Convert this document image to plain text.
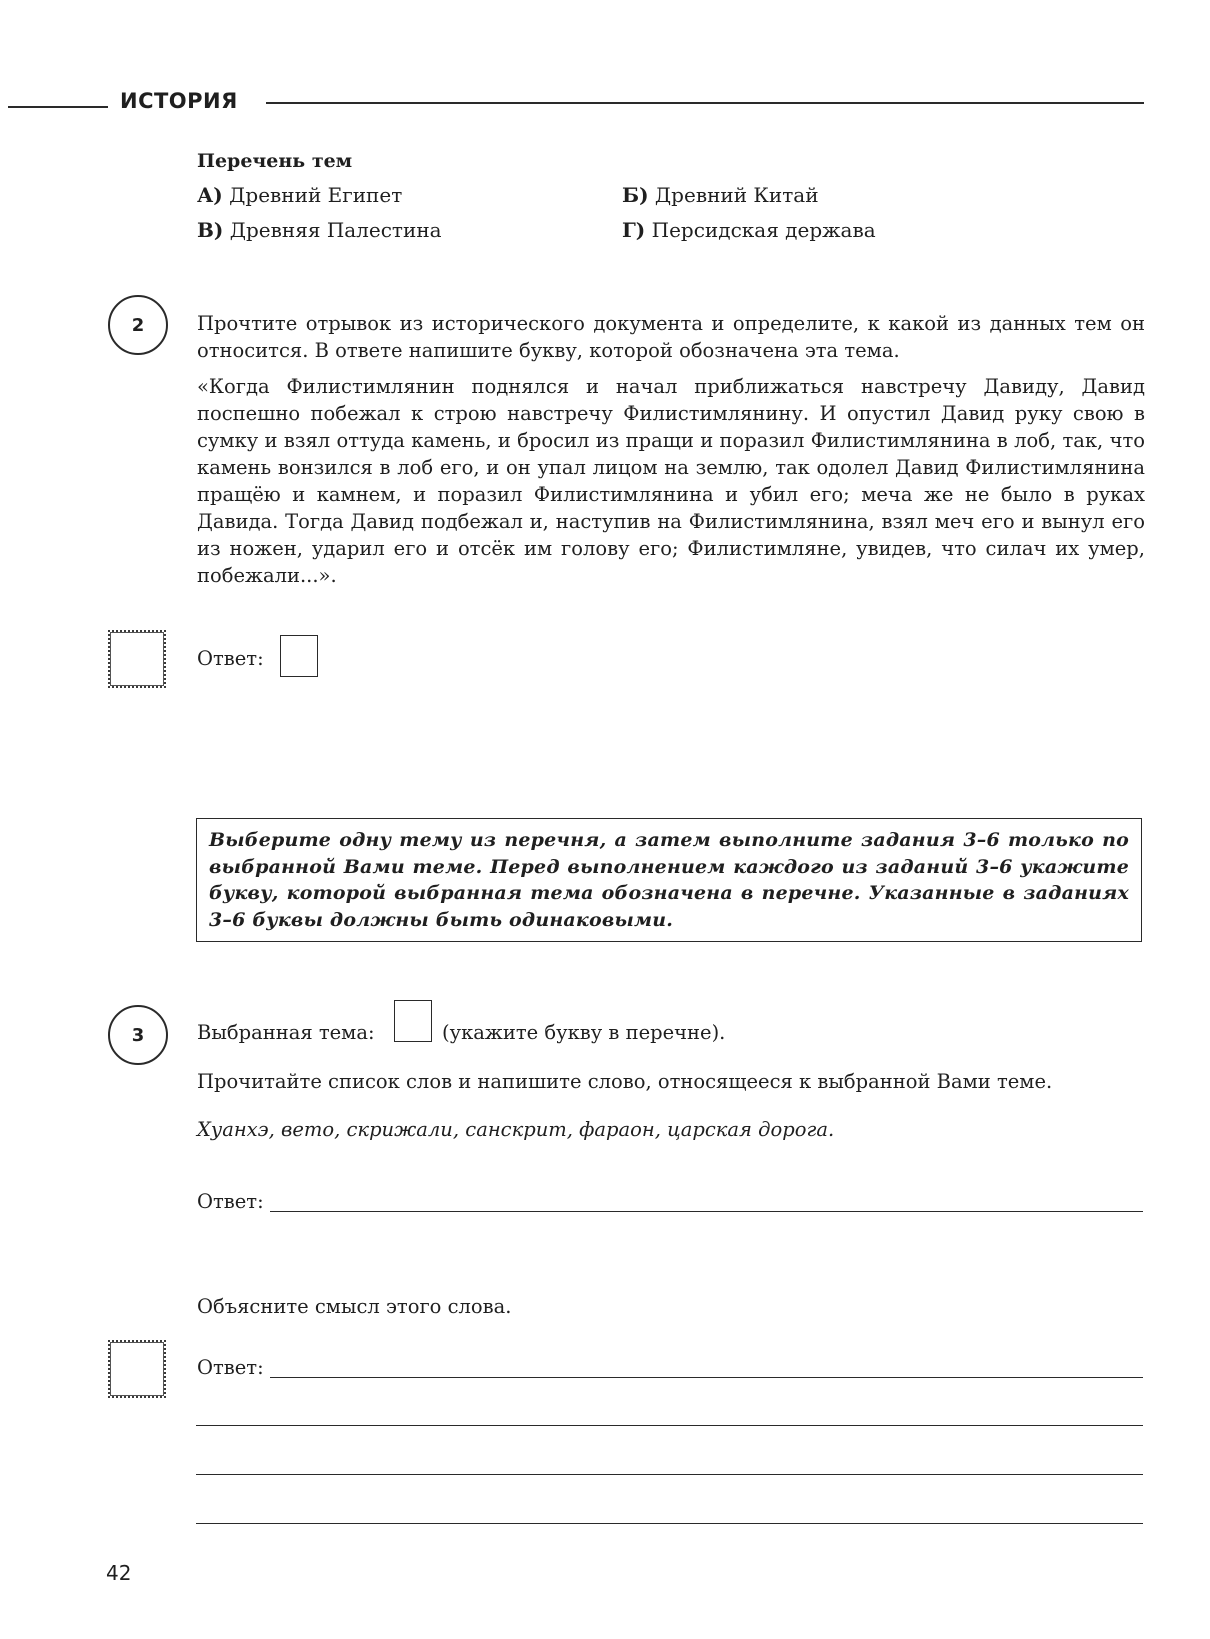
ИСТОРИЯ
Перечень тем
А) Древний Египет	Б) Древний Китай
В) Древняя Палестина	Г) Персидская держава
2	Прочтите отрывок из исторического документа и определите, к какой из данных тем он относится. В ответе напишите букву, которой обозначена эта тема.
«Когда Филистимлянин поднялся и начал приближаться навстречу Давиду, Давид поспешно побежал к строю навстречу Филистимлянину. И опустил Давид руку свою в сумку и взял оттуда камень, и бросил из пращи и поразил Филистимлянина в лоб, так, что камень вонзился в лоб его, и он упал лицом на землю, так одолел Давид Филистимлянина пращёю и камнем, и поразил Филистимлянина и убил его; меча же не было в руках Давида. Тогда Давид подбежал и, наступив на Филистимлянина, взял меч его и вынул его из ножен, ударил его и отсёк им голову его; Филистимляне, увидев, что силач их умер, побежали...».
Ответ:
Выберите одну тему из перечня, а затем выполните задания 3–6 только по выбранной Вами теме. Перед выполнением каждого из заданий 3–6 укажите букву, которой выбранная тема обозначена в перечне. Указанные в заданиях 3–6 буквы должны быть одинаковыми.
3	Выбранная тема:	(укажите букву в перечне).
Прочитайте список слов и напишите слово, относящееся к выбранной Вами теме.
Хуанхэ, вето, скрижали, санскрит, фараон, царская дорога.
Ответ:
Объясните смысл этого слова.
Ответ:
42
